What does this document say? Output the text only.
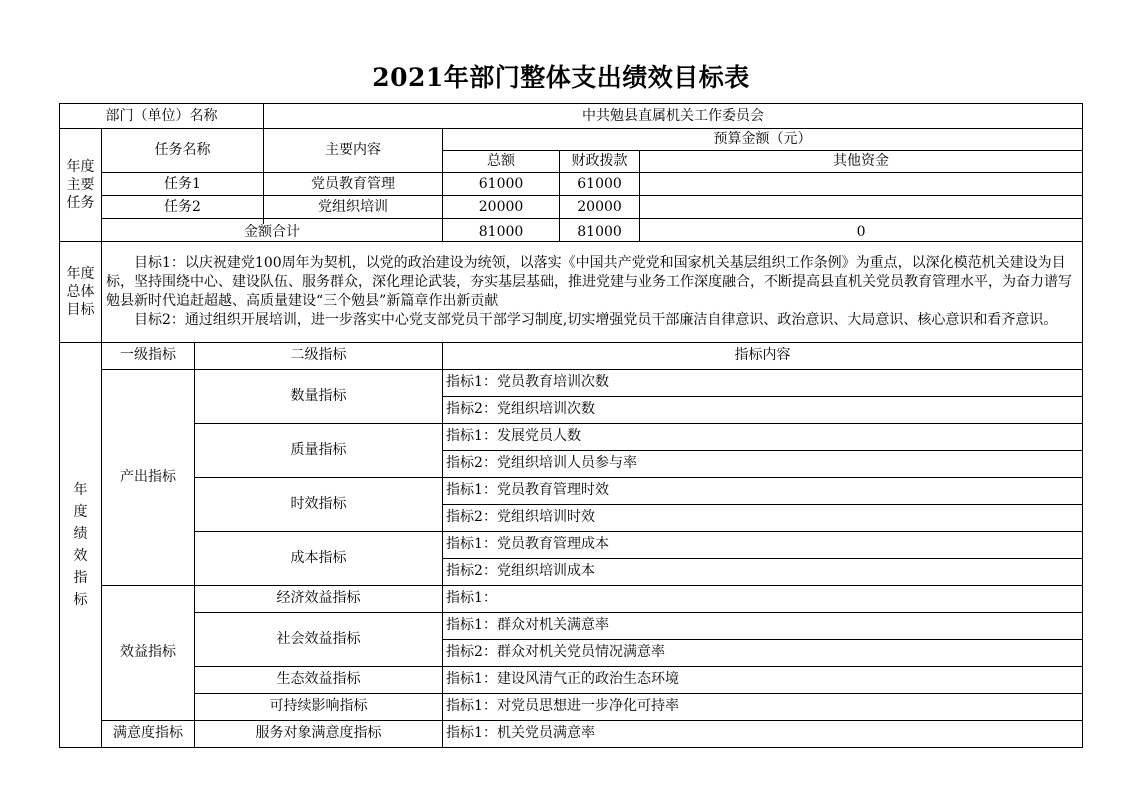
2021年部门整体支出绩效目标表
部门（单位）名称			中共勉县直属机关工作委员会				
年度主要任务	任务名称		主要内容	预算金额（元）			
				总额	财政拨款	其他资金	
	任务1		党员教育管理	61000	61000		
	任务2		党组织培训	20000	20000		

	金额合计			81000	81000	0	
年度总体目标	目标1：以庆祝建党100周年为契机，以党的政治建设为统领，以落实《中国共产党党和国家机关基层组织工作条例》为重点，以深化模范机关建设为目标，坚持围绕中心、建设队伍、服务群众，深化理论武装，夯实基层基础，推进党建与业务工作深度融合，不断提高县直机关党员教育管理水平，为奋力谱写勉县新时代追赶超越、高质量建设“三个勉县”新篇章作出新贡献
目标2：通过组织开展培训，进一步落实中心党支部党员干部学习制度,切实增强党员干部廉洁自律意识、政治意识、大局意识、核心意识和看齐意识。						

年度绩效指标	一级指标	二级指标		指标内容	
	产出指标	数量指标		指标1：党员教育培训次数	
				指标2：党组织培训次数	
		质量指标		指标1：发展党员人数	
				指标2：党组织培训人员参与率	
		时效指标		指标1：党员教育管理时效	
				指标2：党组织培训时效	
		成本指标		指标1：党员教育管理成本	
				指标2：党组织培训成本	
	效益指标	经济效益指标		指标1：			
		社会效益指标		指标1：群众对机关满意率	
				指标2：群众对机关党员情况满意率	
		生态效益指标		指标1：建设风清气正的政治生态环境	
		可持续影响指标		指标1：对党员思想进一步净化可持率	
	满意度指标	服务对象满意度指标		指标1：机关党员满意率	
